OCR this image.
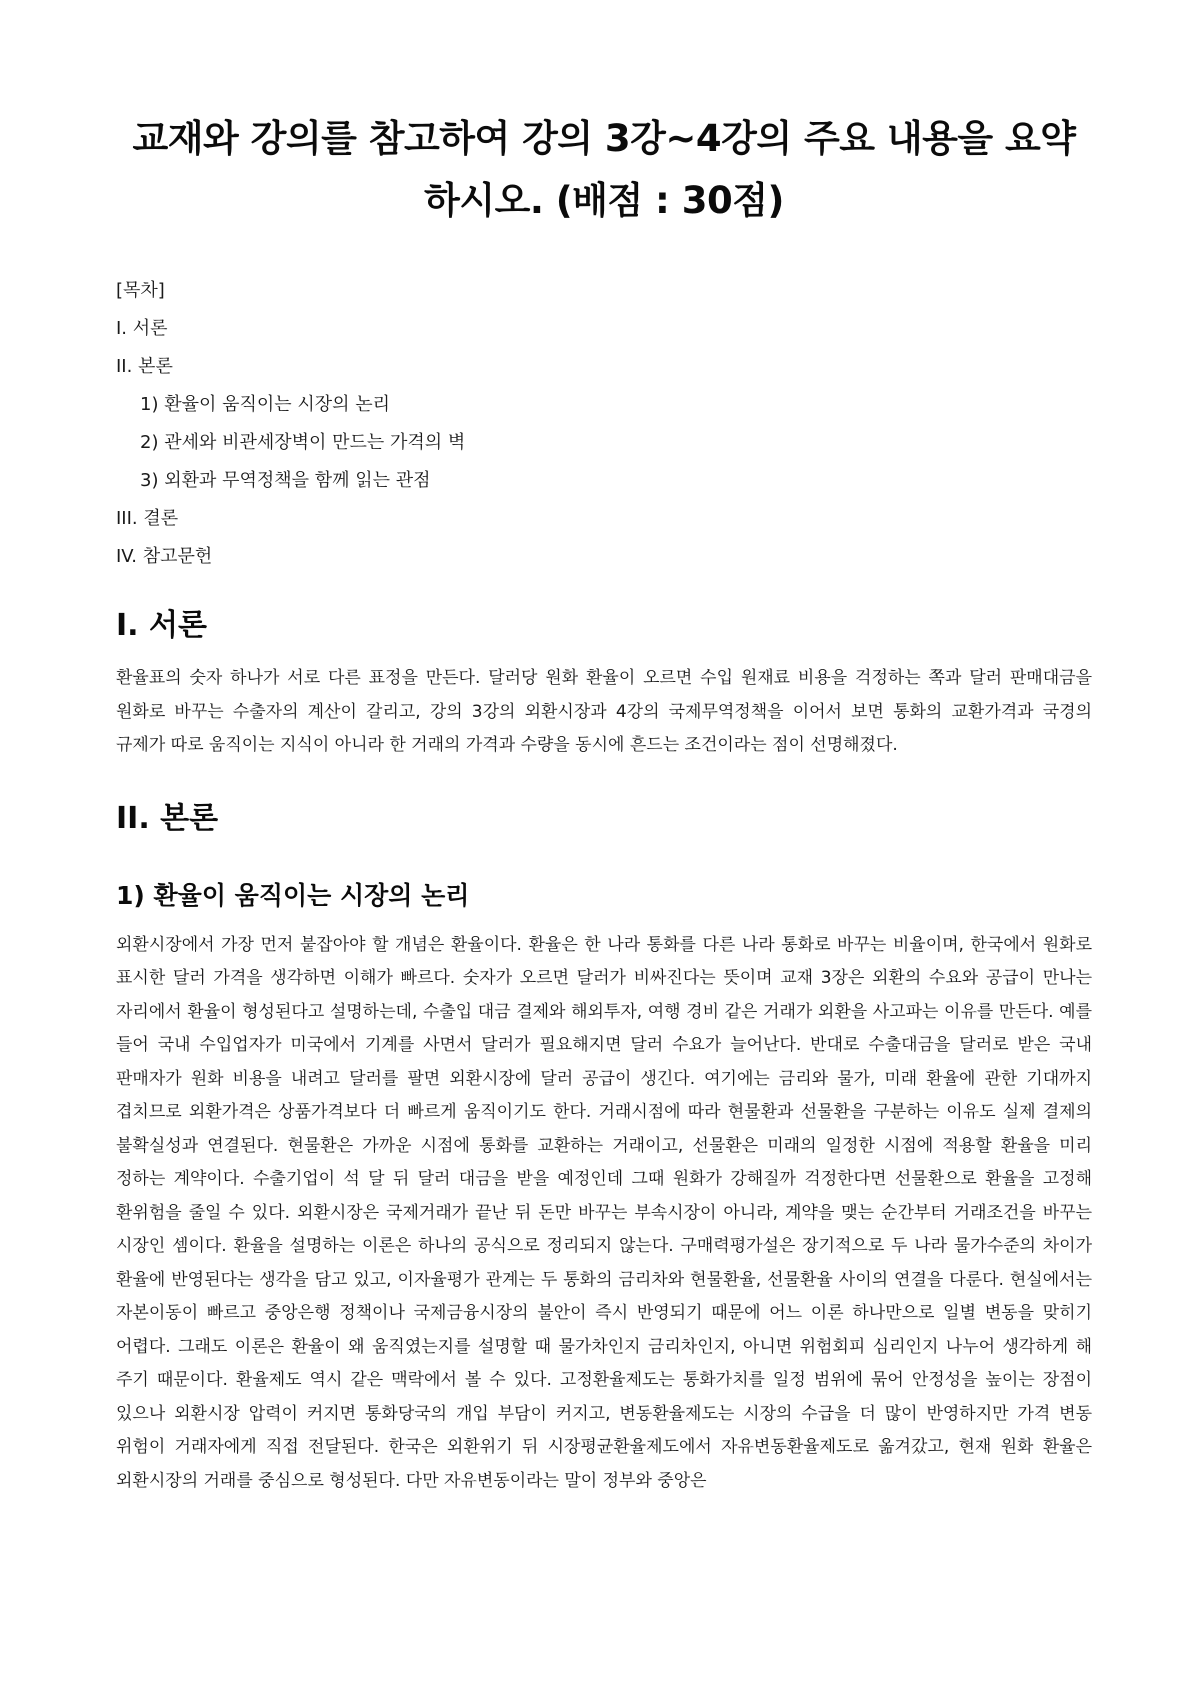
교재와 강의를 참고하여 강의 3강~4강의 주요 내용을 요약하시오. (배점 : 30점)
[목차]
I. 서론
II. 본론
1) 환율이 움직이는 시장의 논리
2) 관세와 비관세장벽이 만드는 가격의 벽
3) 외환과 무역정책을 함께 읽는 관점
III. 결론
IV. 참고문헌
I. 서론

환율표의 숫자 하나가 서로 다른 표정을 만든다. 달러당 원화 환율이 오르면 수입 원재료 비용을 걱정하는 쪽과 달러 판매대금을 원화로 바꾸는 수출자의 계산이 갈리고, 강의 3강의 외환시장과 4강의 국제무역정책을 이어서 보면 통화의 교환가격과 국경의 규제가 따로 움직이는 지식이 아니라 한 거래의 가격과 수량을 동시에 흔드는 조건이라는 점이 선명해졌다.

II. 본론
1) 환율이 움직이는 시장의 논리

외환시장에서 가장 먼저 붙잡아야 할 개념은 환율이다. 환율은 한 나라 통화를 다른 나라 통화로 바꾸는 비율이며, 한국에서 원화로 표시한 달러 가격을 생각하면 이해가 빠르다. 숫자가 오르면 달러가 비싸진다는 뜻이며 교재 3장은 외환의 수요와 공급이 만나는 자리에서 환율이 형성된다고 설명하는데, 수출입 대금 결제와 해외투자, 여행 경비 같은 거래가 외환을 사고파는 이유를 만든다. 예를 들어 국내 수입업자가 미국에서 기계를 사면서 달러가 필요해지면 달러 수요가 늘어난다. 반대로 수출대금을 달러로 받은 국내 판매자가 원화 비용을 내려고 달러를 팔면 외환시장에 달러 공급이 생긴다. 여기에는 금리와 물가, 미래 환율에 관한 기대까지 겹치므로 외환가격은 상품가격보다 더 빠르게 움직이기도 한다. 거래시점에 따라 현물환과 선물환을 구분하는 이유도 실제 결제의 불확실성과 연결된다. 현물환은 가까운 시점에 통화를 교환하는 거래이고, 선물환은 미래의 일정한 시점에 적용할 환율을 미리 정하는 계약이다. 수출기업이 석 달 뒤 달러 대금을 받을 예정인데 그때 원화가 강해질까 걱정한다면 선물환으로 환율을 고정해 환위험을 줄일 수 있다. 외환시장은 국제거래가 끝난 뒤 돈만 바꾸는 부속시장이 아니라, 계약을 맺는 순간부터 거래조건을 바꾸는 시장인 셈이다. 환율을 설명하는 이론은 하나의 공식으로 정리되지 않는다. 구매력평가설은 장기적으로 두 나라 물가수준의 차이가 환율에 반영된다는 생각을 담고 있고, 이자율평가 관계는 두 통화의 금리차와 현물환율, 선물환율 사이의 연결을 다룬다. 현실에서는 자본이동이 빠르고 중앙은행 정책이나 국제금융시장의 불안이 즉시 반영되기 때문에 어느 이론 하나만으로 일별 변동을 맞히기 어렵다. 그래도 이론은 환율이 왜 움직였는지를 설명할 때 물가차인지 금리차인지, 아니면 위험회피 심리인지 나누어 생각하게 해 주기 때문이다. 환율제도 역시 같은 맥락에서 볼 수 있다. 고정환율제도는 통화가치를 일정 범위에 묶어 안정성을 높이는 장점이 있으나 외환시장 압력이 커지면 통화당국의 개입 부담이 커지고, 변동환율제도는 시장의 수급을 더 많이 반영하지만 가격 변동 위험이 거래자에게 직접 전달된다. 한국은 외환위기 뒤 시장평균환율제도에서 자유변동환율제도로 옮겨갔고, 현재 원화 환율은 외환시장의 거래를 중심으로 형성된다. 다만 자유변동이라는 말이 정부와 중앙은
